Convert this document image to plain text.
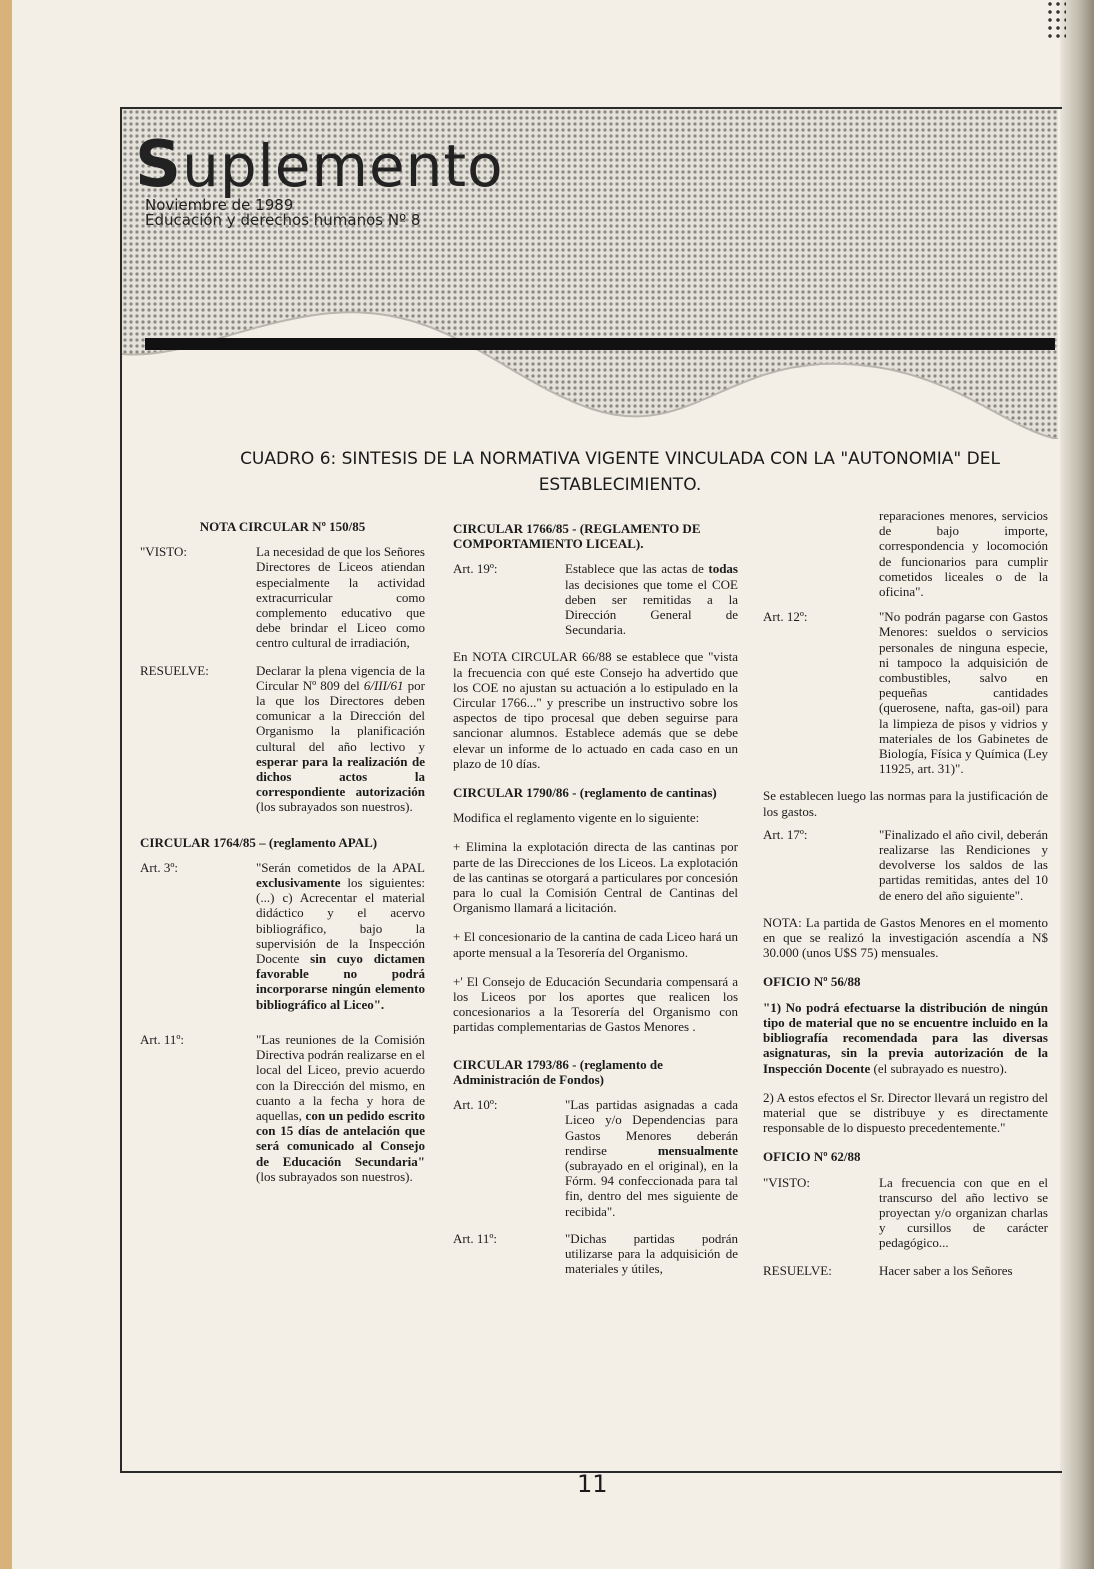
Suplemento
Noviembre de 1989
Educación y derechos humanos Nº 8
CUADRO 6: SINTESIS DE LA NORMATIVA VIGENTE VINCULADA CON LA "AUTONOMIA" DEL
ESTABLECIMIENTO.

NOTA CIRCULAR Nº 150/85

"VISTO:	La necesidad de que los Señores Directores de Liceos atiendan especialmente la actividad extracurricular como complemento educativo que debe brindar el Liceo como centro cultural de irradiación,
RESUELVE:	Declarar la plena vigencia de la Circular Nº 809 del 6/III/61 por la que los Directores deben comunicar a la Dirección del Organismo la planificación cultural del año lectivo y esperar para la realización de dichos actos la correspondiente autorización (los subrayados son nuestros).

CIRCULAR 1764/85 – (reglamento APAL)

Art. 3º:	"Serán cometidos de la APAL exclusivamente los siguientes:(...) c) Acrecentar el material didáctico y el acervo bibliográfico, bajo la supervisión de la Inspección Docente sin cuyo dictamen favorable no podrá incorporarse ningún elemento bibliográfico al Liceo".
Art. 11º:	"Las reuniones de la Comisión Directiva podrán realizarse en el local del Liceo, previo acuerdo con la Dirección del mismo, en cuanto a la fecha y hora de aquellas, con un pedido escrito con 15 días de antelación que será comunicado al Consejo de Educación Secundaria" (los subrayados son nuestros).

CIRCULAR 1766/85 - (REGLAMENTO DE COMPORTAMIENTO LICEAL).

Art. 19º:	Establece que las actas de todas las decisiones que tome el COE deben ser remitidas a la Dirección General de Secundaria.

En NOTA CIRCULAR 66/88 se establece que "vista la frecuencia con qué este Consejo ha advertido que los COE no ajustan su actuación a lo estipulado en la Circular 1766..." y prescribe un instructivo sobre los aspectos de tipo procesal que deben seguirse para sancionar alumnos. Establece además que se debe elevar un informe de lo actuado en cada caso en un plazo de 10 días.

CIRCULAR 1790/86 - (reglamento de cantinas)

Modifica el reglamento vigente en lo siguiente:

+ Elimina la explotación directa de las cantinas por parte de las Direcciones de los Liceos. La explotación de las cantinas se otorgará a particulares por concesión para lo cual la Comisión Central de Cantinas del Organismo llamará a licitación.

+ El concesionario de la cantina de cada Liceo hará un aporte mensual a la Tesorería del Organismo.

+' El Consejo de Educación Secundaria compensará a los Liceos por los aportes que realicen los concesionarios a la Tesorería del Organismo con partidas complementarias de Gastos Menores .

CIRCULAR 1793/86 - (reglamento de Administración de Fondos)

Art. 10º:	"Las partidas asignadas a cada Liceo y/o Dependencias para Gastos Menores deberán rendirse mensualmente (subrayado en el original), en la Fórm. 94 confeccionada para tal fin, dentro del mes siguiente de recibida".
Art. 11º:	"Dichas partidas podrán utilizarse para la adquisición de materiales y útiles,
reparaciones menores, servicios de bajo importe, correspondencia y locomoción de funcionarios para cumplir cometidos liceales o de la oficina".
Art. 12º:	"No podrán pagarse con Gastos Menores: sueldos o servicios personales de ninguna especie, ni tampoco la adquisición de combustibles, salvo en pequeñas cantidades (querosene, nafta, gas-oil) para la limpieza de pisos y vidrios y materiales de los Gabinetes de Biología, Física y Química (Ley 11925, art. 31)".

Se establecen luego las normas para la justificación de los gastos.

Art. 17º:	"Finalizado el año civil, deberán realizarse las Rendiciones y devolverse los saldos de las partidas remitidas, antes del 10 de enero del año siguiente".

NOTA: La partida de Gastos Menores en el momento en que se realizó la investigación ascendía a N$ 30.000 (unos U$S 75) mensuales.

OFICIO Nº 56/88

"1) No podrá efectuarse la distribución de ningún tipo de material que no se encuentre incluido en la bibliografía recomendada para las diversas asignaturas, sin la previa autorización de la Inspección Docente (el subrayado es nuestro).

2) A estos efectos el Sr. Director llevará un registro del material que se distribuye y es directamente responsable de lo dispuesto precedentemente."

OFICIO Nº 62/88

"VISTO:	La frecuencia con que en el transcurso del año lectivo se proyectan y/o organizan charlas y cursillos de carácter pedagógico...
RESUELVE:	Hacer saber a los Señores
11
